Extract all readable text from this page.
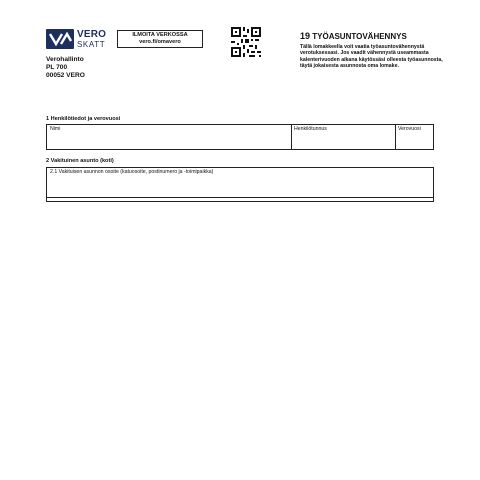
VERO
SKATT
Verohallinto
PL 700
00052 VERO
ILMOITA VERKOSSA
vero.fi/omavero
19 TYÖASUNTOVÄHENNYS
Tällä lomakkeella voit vaatia työasuntovähennystä verotuksessasi. Jos vaadit vähennystä useammasta kalenterivuoden aikana käytössäsi olleesta työasunnosta, täytä jokaisesta asunnosta oma lomake.
1 Henkilötiedot ja verovuosi
Nimi	Henkilötunnus	Verovuosi
2 Vakituinen asunto (koti)
2.1 Vakituisen asunnon osoite (katuosoite, postinumero ja -toimipaikka)
